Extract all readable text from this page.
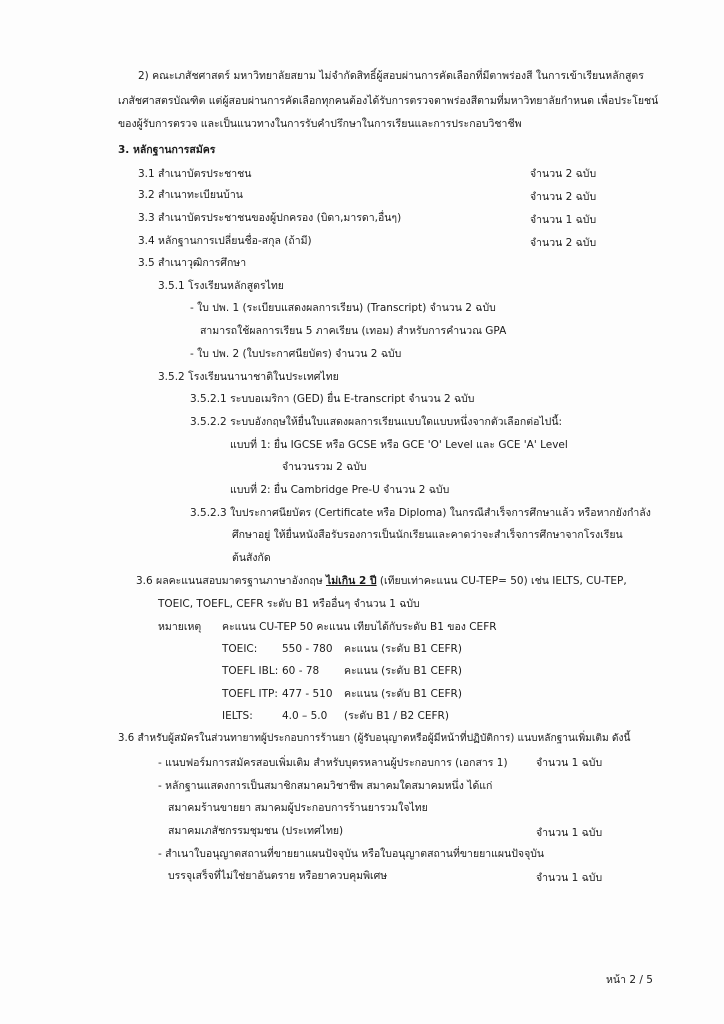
2) คณะเภสัชศาสตร์ มหาวิทยาลัยสยาม ไม่จำกัดสิทธิ์ผู้สอบผ่านการคัดเลือกที่มีตาพร่องสี ในการเข้าเรียนหลักสูตร
เภสัชศาสตรบัณฑิต แต่ผู้สอบผ่านการคัดเลือกทุกคนต้องได้รับการตรวจตาพร่องสีตามที่มหาวิทยาลัยกำหนด เพื่อประโยชน์
ของผู้รับการตรวจ และเป็นแนวทางในการรับคำปรึกษาในการเรียนและการประกอบวิชาชีพ
3. หลักฐานการสมัคร
3.1 สำเนาบัตรประชาชน	จำนวน 2 ฉบับ
3.2 สำเนาทะเบียนบ้าน	จำนวน 2 ฉบับ
3.3 สำเนาบัตรประชาชนของผู้ปกครอง (บิดา,มารดา,อื่นๆ)	จำนวน 1 ฉบับ
3.4 หลักฐานการเปลี่ยนชื่อ-สกุล (ถ้ามี)	จำนวน 2 ฉบับ
3.5 สำเนาวุฒิการศึกษา
3.5.1 โรงเรียนหลักสูตรไทย
- ใบ ปพ. 1 (ระเบียบแสดงผลการเรียน) (Transcript) จำนวน 2 ฉบับ
สามารถใช้ผลการเรียน 5 ภาคเรียน (เทอม) สำหรับการคำนวณ GPA
- ใบ ปพ. 2 (ใบประกาศนียบัตร) จำนวน 2 ฉบับ
3.5.2 โรงเรียนนานาชาติในประเทศไทย
3.5.2.1 ระบบอเมริกา (GED) ยื่น E-transcript จำนวน 2 ฉบับ
3.5.2.2 ระบบอังกฤษให้ยื่นใบแสดงผลการเรียนแบบใดแบบหนึ่งจากตัวเลือกต่อไปนี้:
แบบที่ 1: ยื่น IGCSE หรือ GCSE หรือ GCE 'O' Level และ GCE 'A' Level
จำนวนรวม 2 ฉบับ
แบบที่ 2: ยื่น Cambridge Pre-U จำนวน 2 ฉบับ
3.5.2.3 ใบประกาศนียบัตร (Certificate หรือ Diploma) ในกรณีสำเร็จการศึกษาแล้ว หรือหากยังกำลัง
ศึกษาอยู่ ให้ยื่นหนังสือรับรองการเป็นนักเรียนและคาดว่าจะสำเร็จการศึกษาจากโรงเรียน
ต้นสังกัด
3.6 ผลคะแนนสอบมาตรฐานภาษาอังกฤษ ไม่เกิน 2 ปี (เทียบเท่าคะแนน CU-TEP= 50) เช่น IELTS, CU-TEP,
TOEIC, TOEFL, CEFR ระดับ B1 หรืออื่นๆ จำนวน 1 ฉบับ
หมายเหตุ คะแนน CU-TEP 50 คะแนน เทียบได้กับระดับ B1 ของ CEFR
TOEIC: 550 - 780 คะแนน (ระดับ B1 CEFR)
TOEFL IBL: 60 - 78 คะแนน (ระดับ B1 CEFR)
TOEFL ITP: 477 - 510 คะแนน (ระดับ B1 CEFR)
IELTS:	4.0 – 5.0 (ระดับ B1 / B2 CEFR)
3.6 สำหรับผู้สมัครในส่วนทายาทผู้ประกอบการร้านยา (ผู้รับอนุญาตหรือผู้มีหน้าที่ปฏิบัติการ) แนบหลักฐานเพิ่มเติม ดังนี้
- แนบฟอร์มการสมัครสอบเพิ่มเติม สำหรับบุตรหลานผู้ประกอบการ (เอกสาร 1)	จำนวน 1 ฉบับ
- หลักฐานแสดงการเป็นสมาชิกสมาคมวิชาชีพ สมาคมใดสมาคมหนึ่ง ได้แก่
สมาคมร้านขายยา สมาคมผู้ประกอบการร้านยารวมใจไทย
สมาคมเภสัชกรรมชุมชน (ประเทศไทย)	จำนวน 1 ฉบับ
- สำเนาใบอนุญาตสถานที่ขายยาแผนปัจจุบัน หรือใบอนุญาตสถานที่ขายยาแผนปัจจุบัน
บรรจุเสร็จที่ไม่ใช่ยาอันตราย หรือยาควบคุมพิเศษ	จำนวน 1 ฉบับ
หน้า 2 / 5
